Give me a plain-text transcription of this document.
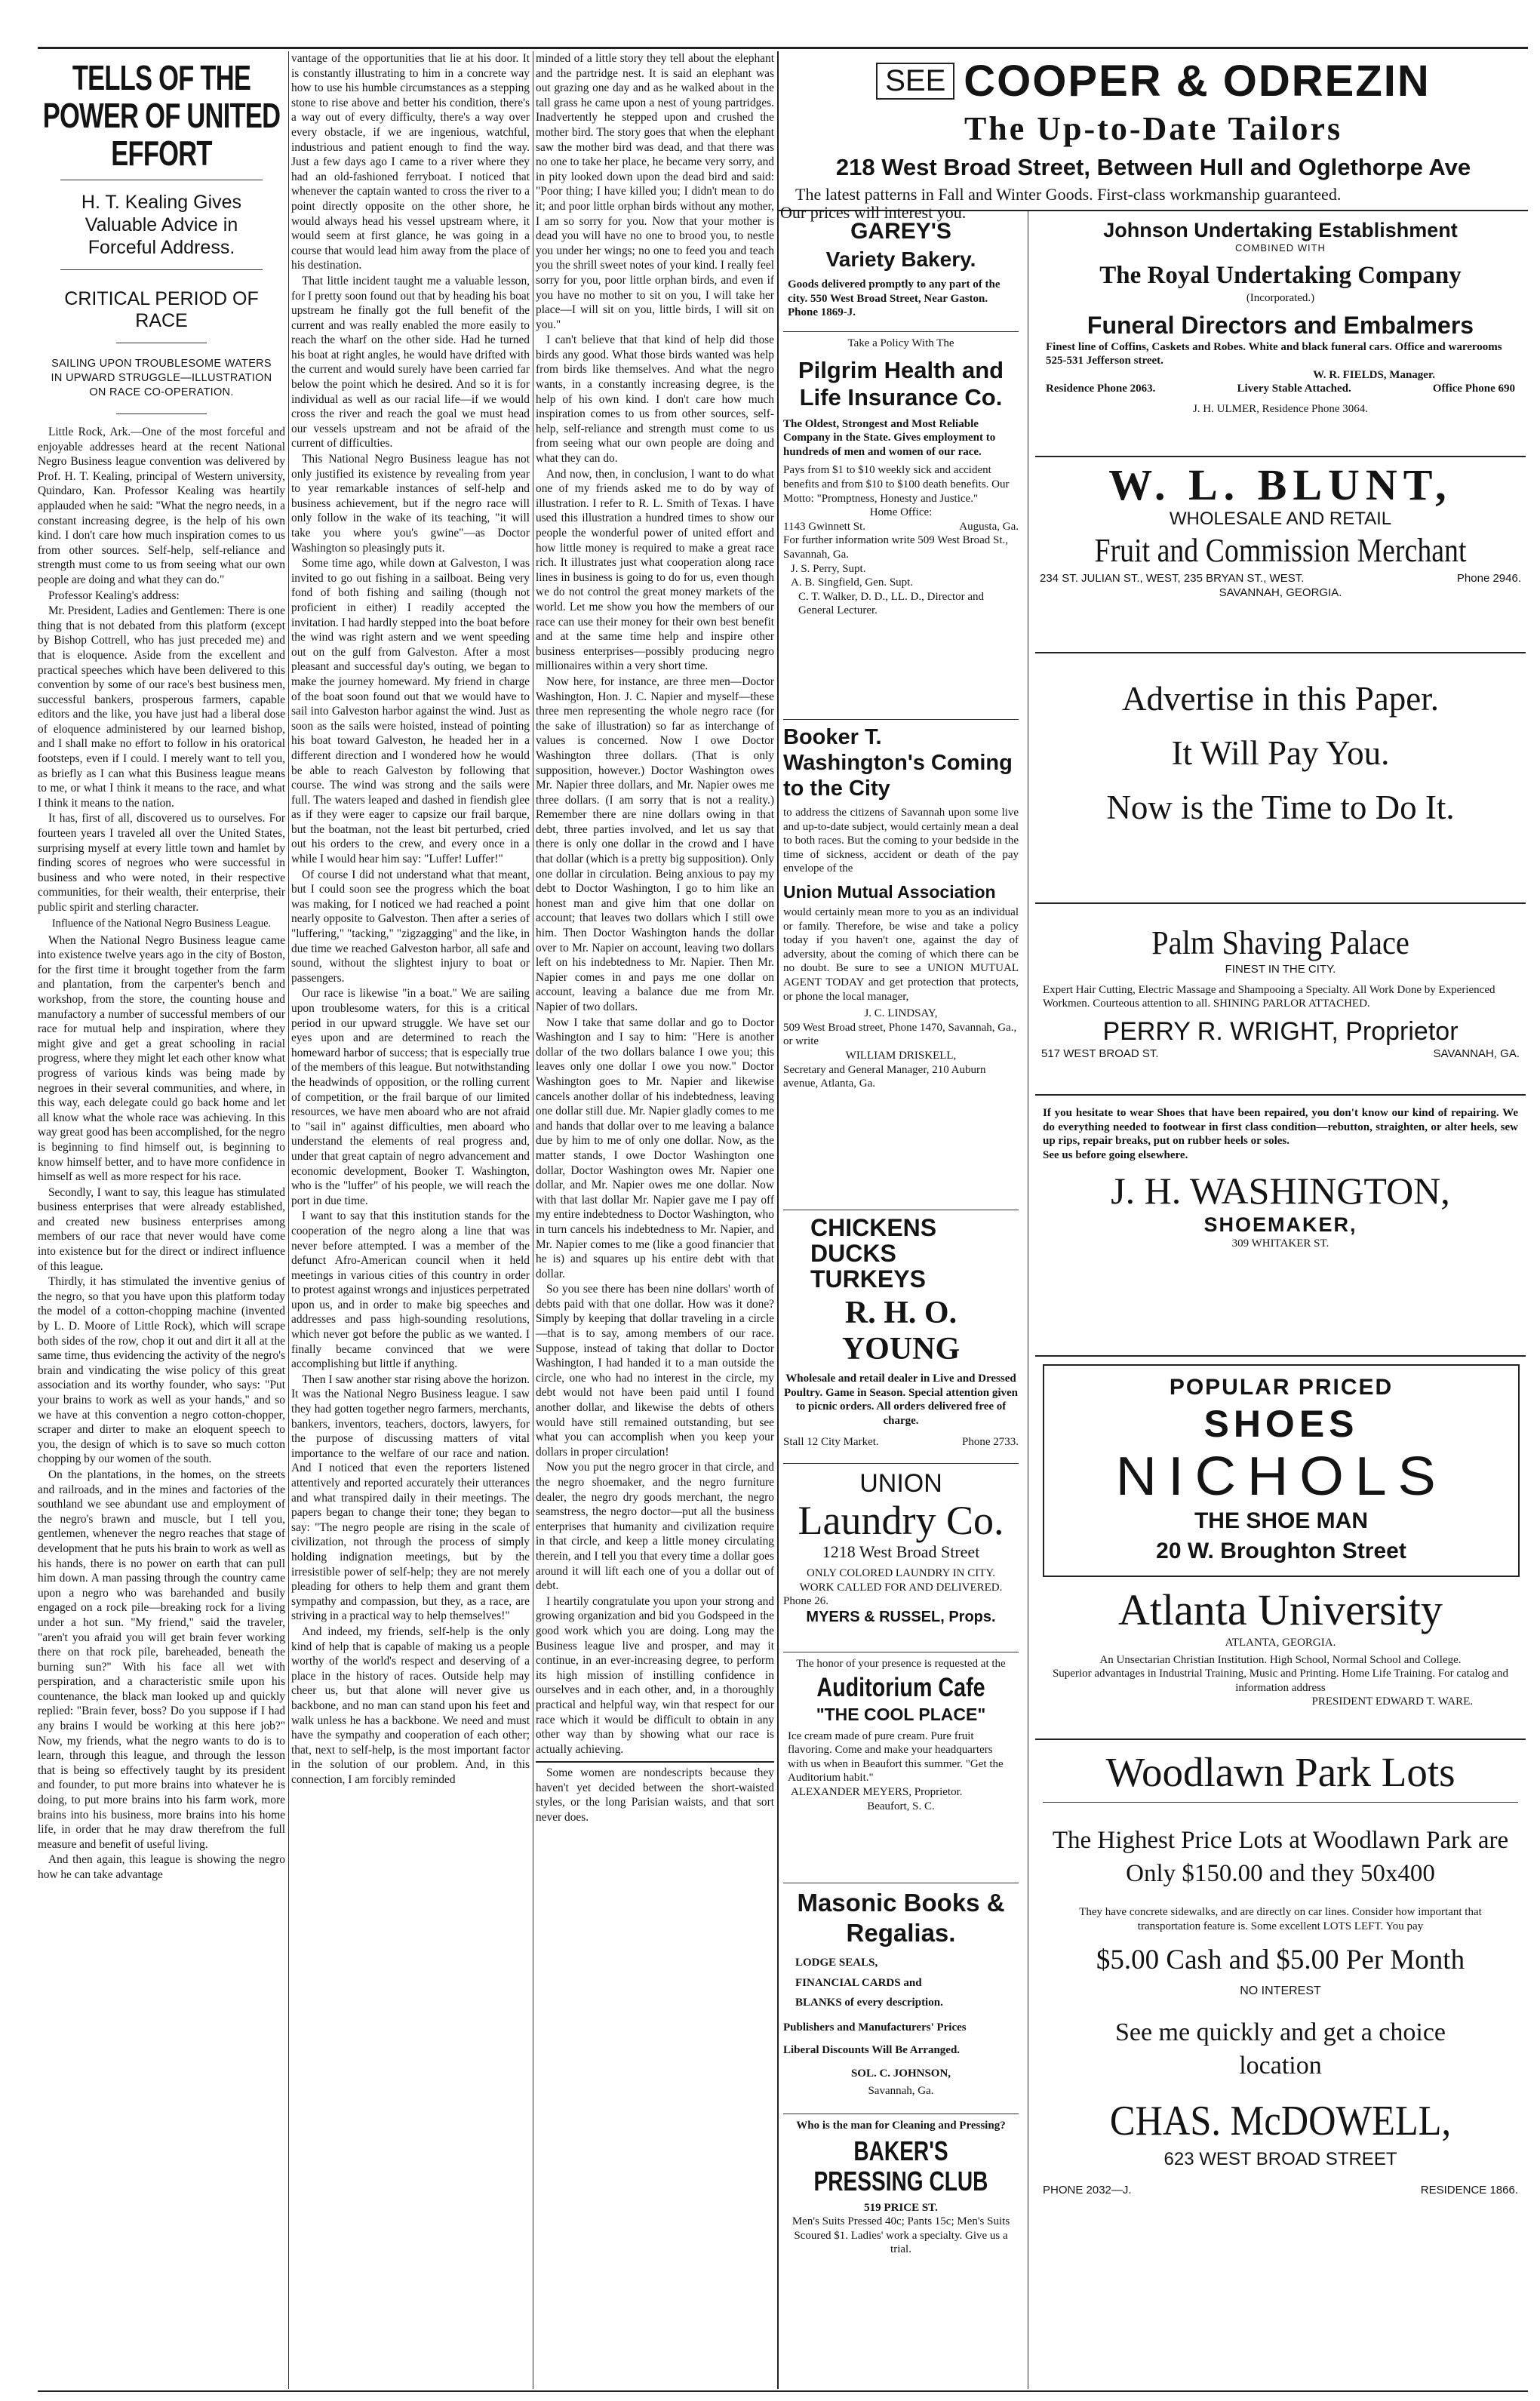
TELLS OF THE POWER OF UNITED EFFORT
H. T. Kealing Gives Valuable Advice in Forceful Address.
CRITICAL PERIOD OF RACE
SAILING UPON TROUBLESOME WATERS IN UPWARD STRUGGLE—ILLUSTRATION ON RACE CO-OPERATION.

Little Rock, Ark.—One of the most forceful and enjoyable addresses heard at the recent National Negro Business league convention was delivered by Prof. H. T. Kealing, principal of Western university, Quindaro, Kan. Professor Kealing was heartily applauded when he said: "What the negro needs, in a constant increasing degree, is the help of his own kind. I don't care how much inspiration comes to us from other sources. Self-help, self-reliance and strength must come to us from seeing what our own people are doing and what they can do."

Professor Kealing's address:

Mr. President, Ladies and Gentlemen: There is one thing that is not debated from this platform (except by Bishop Cottrell, who has just preceded me) and that is eloquence. Aside from the excellent and practical speeches which have been delivered to this convention by some of our race's best business men, successful bankers, prosperous farmers, capable editors and the like, you have just had a liberal dose of eloquence administered by our learned bishop, and I shall make no effort to follow in his oratorical footsteps, even if I could. I merely want to tell you, as briefly as I can what this Business league means to me, or what I think it means to the race, and what I think it means to the nation.

It has, first of all, discovered us to ourselves. For fourteen years I traveled all over the United States, surprising myself at every little town and hamlet by finding scores of negroes who were successful in business and who were noted, in their respective communities, for their wealth, their enterprise, their public spirit and sterling character.

Influence of the National Negro Business League.

When the National Negro Business league came into existence twelve years ago in the city of Boston, for the first time it brought together from the farm and plantation, from the carpenter's bench and workshop, from the store, the counting house and manufactory a number of successful members of our race for mutual help and inspiration, where they might give and get a great schooling in racial progress, where they might let each other know what progress of various kinds was being made by negroes in their several communities, and where, in this way, each delegate could go back home and let all know what the whole race was achieving. In this way great good has been accomplished, for the negro is beginning to find himself out, is beginning to know himself better, and to have more confidence in himself as well as more respect for his race.

Secondly, I want to say, this league has stimulated business enterprises that were already established, and created new business enterprises among members of our race that never would have come into existence but for the direct or indirect influence of this league.

Thirdly, it has stimulated the inventive genius of the negro, so that you have upon this platform today the model of a cotton-chopping machine (invented by L. D. Moore of Little Rock), which will scrape both sides of the row, chop it out and dirt it all at the same time, thus evidencing the activity of the negro's brain and vindicating the wise policy of this great association and its worthy founder, who says: "Put your brains to work as well as your hands," and so we have at this convention a negro cotton-chopper, scraper and dirter to make an eloquent speech to you, the design of which is to save so much cotton chopping by our women of the south.

On the plantations, in the homes, on the streets and railroads, and in the mines and factories of the southland we see abundant use and employment of the negro's brawn and muscle, but I tell you, gentlemen, whenever the negro reaches that stage of development that he puts his brain to work as well as his hands, there is no power on earth that can pull him down. A man passing through the country came upon a negro who was barehanded and busily engaged on a rock pile—breaking rock for a living under a hot sun. "My friend," said the traveler, "aren't you afraid you will get brain fever working there on that rock pile, bareheaded, beneath the burning sun?" With his face all wet with perspiration, and a characteristic smile upon his countenance, the black man looked up and quickly replied: "Brain fever, boss? Do you suppose if I had any brains I would be working at this here job?" Now, my friends, what the negro wants to do is to learn, through this league, and through the lesson that is being so effectively taught by its president and founder, to put more brains into whatever he is doing, to put more brains into his farm work, more brains into his business, more brains into his home life, in order that he may draw therefrom the full measure and benefit of useful living.

And then again, this league is showing the negro how he can take advantage

vantage of the opportunities that lie at his door. It is constantly illustrating to him in a concrete way how to use his humble circumstances as a stepping stone to rise above and better his condition, there's a way out of every difficulty, there's a way over every obstacle, if we are ingenious, watchful, industrious and patient enough to find the way. Just a few days ago I came to a river where they had an old-fashioned ferryboat. I noticed that whenever the captain wanted to cross the river to a point directly opposite on the other shore, he would always head his vessel upstream where, it would seem at first glance, he was going in a course that would lead him away from the place of his destination.

That little incident taught me a valuable lesson, for I pretty soon found out that by heading his boat upstream he finally got the full benefit of the current and was really enabled the more easily to reach the wharf on the other side. Had he turned his boat at right angles, he would have drifted with the current and would surely have been carried far below the point which he desired. And so it is for individual as well as our racial life—if we would cross the river and reach the goal we must head our vessels upstream and not be afraid of the current of difficulties.

This National Negro Business league has not only justified its existence by revealing from year to year remarkable instances of self-help and business achievement, but if the negro race will only follow in the wake of its teaching, "it will take you where you's gwine"—as Doctor Washington so pleasingly puts it.

Some time ago, while down at Galveston, I was invited to go out fishing in a sailboat. Being very fond of both fishing and sailing (though not proficient in either) I readily accepted the invitation. I had hardly stepped into the boat before the wind was right astern and we went speeding out on the gulf from Galveston. After a most pleasant and successful day's outing, we began to make the journey homeward. My friend in charge of the boat soon found out that we would have to sail into Galveston harbor against the wind. Just as soon as the sails were hoisted, instead of pointing his boat toward Galveston, he headed her in a different direction and I wondered how he would be able to reach Galveston by following that course. The wind was strong and the sails were full. The waters leaped and dashed in fiendish glee as if they were eager to capsize our frail barque, but the boatman, not the least bit perturbed, cried out his orders to the crew, and every once in a while I would hear him say: "Luffer! Luffer!"

Of course I did not understand what that meant, but I could soon see the progress which the boat was making, for I noticed we had reached a point nearly opposite to Galveston. Then after a series of "luffering," "tacking," "zigzagging" and the like, in due time we reached Galveston harbor, all safe and sound, without the slightest injury to boat or passengers.

Our race is likewise "in a boat." We are sailing upon troublesome waters, for this is a critical period in our upward struggle. We have set our eyes upon and are determined to reach the homeward harbor of success; that is especially true of the members of this league. But notwithstanding the headwinds of opposition, or the rolling current of competition, or the frail barque of our limited resources, we have men aboard who are not afraid to "sail in" against difficulties, men aboard who understand the elements of real progress and, under that great captain of negro advancement and economic development, Booker T. Washington, who is the "luffer" of his people, we will reach the port in due time.

I want to say that this institution stands for the cooperation of the negro along a line that was never before attempted. I was a member of the defunct Afro-American council when it held meetings in various cities of this country in order to protest against wrongs and injustices perpetrated upon us, and in order to make big speeches and addresses and pass high-sounding resolutions, which never got before the public as we wanted. I finally became convinced that we were accomplishing but little if anything.

Then I saw another star rising above the horizon. It was the National Negro Business league. I saw they had gotten together negro farmers, merchants, bankers, inventors, teachers, doctors, lawyers, for the purpose of discussing matters of vital importance to the welfare of our race and nation. And I noticed that even the reporters listened attentively and reported accurately their utterances and what transpired daily in their meetings. The papers began to change their tone; they began to say: "The negro people are rising in the scale of civilization, not through the process of simply holding indignation meetings, but by the irresistible power of self-help; they are not merely pleading for others to help them and grant them sympathy and compassion, but they, as a race, are striving in a practical way to help themselves!"

And indeed, my friends, self-help is the only kind of help that is capable of making us a people worthy of the world's respect and deserving of a place in the history of races. Outside help may cheer us, but that alone will never give us backbone, and no man can stand upon his feet and walk unless he has a backbone. We need and must have the sympathy and cooperation of each other; that, next to self-help, is the most important factor in the solution of our problem. And, in this connection, I am forcibly reminded

minded of a little story they tell about the elephant and the partridge nest. It is said an elephant was out grazing one day and as he walked about in the tall grass he came upon a nest of young partridges. Inadvertently he stepped upon and crushed the mother bird. The story goes that when the elephant saw the mother bird was dead, and that there was no one to take her place, he became very sorry, and in pity looked down upon the dead bird and said: "Poor thing; I have killed you; I didn't mean to do it; and poor little orphan birds without any mother, I am so sorry for you. Now that your mother is dead you will have no one to brood you, to nestle you under her wings; no one to feed you and teach you the shrill sweet notes of your kind. I really feel sorry for you, poor little orphan birds, and even if you have no mother to sit on you, I will take her place—I will sit on you, little birds, I will sit on you."

I can't believe that that kind of help did those birds any good. What those birds wanted was help from birds like themselves. And what the negro wants, in a constantly increasing degree, is the help of his own kind. I don't care how much inspiration comes to us from other sources, self-help, self-reliance and strength must come to us from seeing what our own people are doing and what they can do.

And now, then, in conclusion, I want to do what one of my friends asked me to do by way of illustration. I refer to R. L. Smith of Texas. I have used this illustration a hundred times to show our people the wonderful power of united effort and how little money is required to make a great race rich. It illustrates just what cooperation along race lines in business is going to do for us, even though we do not control the great money markets of the world. Let me show you how the members of our race can use their money for their own best benefit and at the same time help and inspire other business enterprises—possibly producing negro millionaires within a very short time.

Now here, for instance, are three men—Doctor Washington, Hon. J. C. Napier and myself—these three men representing the whole negro race (for the sake of illustration) so far as interchange of values is concerned. Now I owe Doctor Washington three dollars. (That is only supposition, however.) Doctor Washington owes Mr. Napier three dollars, and Mr. Napier owes me three dollars. (I am sorry that is not a reality.) Remember there are nine dollars owing in that debt, three parties involved, and let us say that there is only one dollar in the crowd and I have that dollar (which is a pretty big supposition). Only one dollar in circulation. Being anxious to pay my debt to Doctor Washington, I go to him like an honest man and give him that one dollar on account; that leaves two dollars which I still owe him. Then Doctor Washington hands the dollar over to Mr. Napier on account, leaving two dollars left on his indebtedness to Mr. Napier. Then Mr. Napier comes in and pays me one dollar on account, leaving a balance due me from Mr. Napier of two dollars.

Now I take that same dollar and go to Doctor Washington and I say to him: "Here is another dollar of the two dollars balance I owe you; this leaves only one dollar I owe you now." Doctor Washington goes to Mr. Napier and likewise cancels another dollar of his indebtedness, leaving one dollar still due. Mr. Napier gladly comes to me and hands that dollar over to me leaving a balance due by him to me of only one dollar. Now, as the matter stands, I owe Doctor Washington one dollar, Doctor Washington owes Mr. Napier one dollar, and Mr. Napier owes me one dollar. Now with that last dollar Mr. Napier gave me I pay off my entire indebtedness to Doctor Washington, who in turn cancels his indebtedness to Mr. Napier, and Mr. Napier comes to me (like a good financier that he is) and squares up his entire debt with that dollar.

So you see there has been nine dollars' worth of debts paid with that one dollar. How was it done? Simply by keeping that dollar traveling in a circle—that is to say, among members of our race. Suppose, instead of taking that dollar to Doctor Washington, I had handed it to a man outside the circle, one who had no interest in the circle, my debt would not have been paid until I found another dollar, and likewise the debts of others would have still remained outstanding, but see what you can accomplish when you keep your dollars in proper circulation!

Now you put the negro grocer in that circle, and the negro shoemaker, and the negro furniture dealer, the negro dry goods merchant, the negro seamstress, the negro doctor—put all the business enterprises that humanity and civilization require in that circle, and keep a little money circulating therein, and I tell you that every time a dollar goes around it will lift each one of you a dollar out of debt.

I heartily congratulate you upon your strong and growing organization and bid you Godspeed in the good work which you are doing. Long may the Business league live and prosper, and may it continue, in an ever-increasing degree, to perform its high mission of instilling confidence in ourselves and in each other, and, in a thoroughly practical and helpful way, win that respect for our race which it would be difficult to obtain in any other way than by showing what our race is actually achieving.

Some women are nondescripts because they haven't yet decided between the short-waisted styles, or the long Parisian waists, and that sort never does.

SEE COOPER & ODREZIN
The Up-to-Date Tailors
218 West Broad Street, Between Hull and Oglethorpe Ave
The latest patterns in Fall and Winter Goods. First-class workmanship guaranteed.
Our prices will interest you.
GAREY'S
Variety Bakery.
Goods delivered promptly to any part of the city. 550 West Broad Street, Near Gaston. Phone 1869-J.
Take a Policy With The
Pilgrim Health and Life Insurance Co.
The Oldest, Strongest and Most Reliable Company in the State. Gives employment to hundreds of men and women of our race.
Pays from $1 to $10 weekly sick and accident benefits and from $10 to $100 death benefits. Our Motto: "Promptness, Honesty and Justice."
Home Office:
1143 Gwinnett St.	Augusta, Ga.
For further information write 509 West Broad St., Savannah, Ga.
J. S. Perry, Supt.
A. B. Singfield, Gen. Supt.
C. T. Walker, D. D., LL. D., Director and General Lecturer.
Booker T. Washington's Coming to the City
to address the citizens of Savannah upon some live and up-to-date subject, would certainly mean a deal to both races. But the coming to your bedside in the time of sickness, accident or death of the pay envelope of the
Union Mutual Association
would certainly mean more to you as an individual or family. Therefore, be wise and take a policy today if you haven't one, against the day of adversity, about the coming of which there can be no doubt. Be sure to see a UNION MUTUAL AGENT TODAY and get protection that protects, or phone the local manager,
J. C. LINDSAY,
509 West Broad street, Phone 1470, Savannah, Ga., or write
WILLIAM DRISKELL,
Secretary and General Manager, 210 Auburn avenue, Atlanta, Ga.
CHICKENS
DUCKS
TURKEYS
R. H. O. YOUNG
Wholesale and retail dealer in Live and Dressed Poultry. Game in Season. Special attention given to picnic orders. All orders delivered free of charge.
Stall 12 City Market.	Phone 2733.
UNION
Laundry Co.
1218 West Broad Street
ONLY COLORED LAUNDRY IN CITY. WORK CALLED FOR AND DELIVERED.
Phone 26.
MYERS & RUSSEL, Props.
The honor of your presence is requested at the
Auditorium Cafe
"THE COOL PLACE"
Ice cream made of pure cream. Pure fruit flavoring. Come and make your headquarters with us when in Beaufort this summer. "Get the Auditorium habit."
ALEXANDER MEYERS, Proprietor.
Beaufort, S. C.
Masonic Books &
Regalias.
LODGE SEALS,
FINANCIAL CARDS and
BLANKS of every description.
Publishers and Manufacturers' Prices
Liberal Discounts Will Be Arranged.
SOL. C. JOHNSON,
Savannah, Ga.
Who is the man for Cleaning and Pressing?
BAKER'S PRESSING CLUB
519 PRICE ST.
Men's Suits Pressed 40c; Pants 15c; Men's Suits Scoured $1. Ladies' work a specialty. Give us a trial.
Johnson Undertaking Establishment
COMBINED WITH
The Royal Undertaking Company
(Incorporated.)
Funeral Directors and Embalmers
Finest line of Coffins, Caskets and Robes. White and black funeral cars. Office and warerooms 525-531 Jefferson street.
W. R. FIELDS, Manager.
Residence Phone 2063.	Livery Stable Attached.	Office Phone 690
J. H. ULMER, Residence Phone 3064.
W. L. BLUNT,
WHOLESALE AND RETAIL
Fruit and Commission Merchant
234 ST. JULIAN ST., WEST, 235 BRYAN ST., WEST.	Phone 2946.
SAVANNAH, GEORGIA.
Advertise in this Paper.
It Will Pay You.
Now is the Time to Do It.
Palm Shaving Palace
FINEST IN THE CITY.
Expert Hair Cutting, Electric Massage and Shampooing a Specialty. All Work Done by Experienced Workmen. Courteous attention to all. SHINING PARLOR ATTACHED.
PERRY R. WRIGHT, Proprietor
517 WEST BROAD ST.	SAVANNAH, GA.
If you hesitate to wear Shoes that have been repaired, you don't know our kind of repairing. We do everything needed to footwear in first class condition—rebutton, straighten, or alter heels, sew up rips, repair breaks, put on rubber heels or soles.
See us before going elsewhere.
J. H. WASHINGTON,
SHOEMAKER,
309 WHITAKER ST.
POPULAR PRICED
SHOES
NICHOLS
THE SHOE MAN
20 W. Broughton Street
Atlanta University
ATLANTA, GEORGIA.
An Unsectarian Christian Institution. High School, Normal School and College.
Superior advantages in Industrial Training, Music and Printing. Home Life Training. For catalog and information address
PRESIDENT EDWARD T. WARE.
Woodlawn Park Lots
The Highest Price Lots at Woodlawn Park are Only $150.00 and they 50x400
They have concrete sidewalks, and are directly on car lines. Consider how important that transportation feature is. Some excellent LOTS LEFT. You pay
$5.00 Cash and $5.00 Per Month
NO INTEREST
See me quickly and get a choice location
CHAS. McDOWELL,
623 WEST BROAD STREET
PHONE 2032—J.	RESIDENCE 1866.
